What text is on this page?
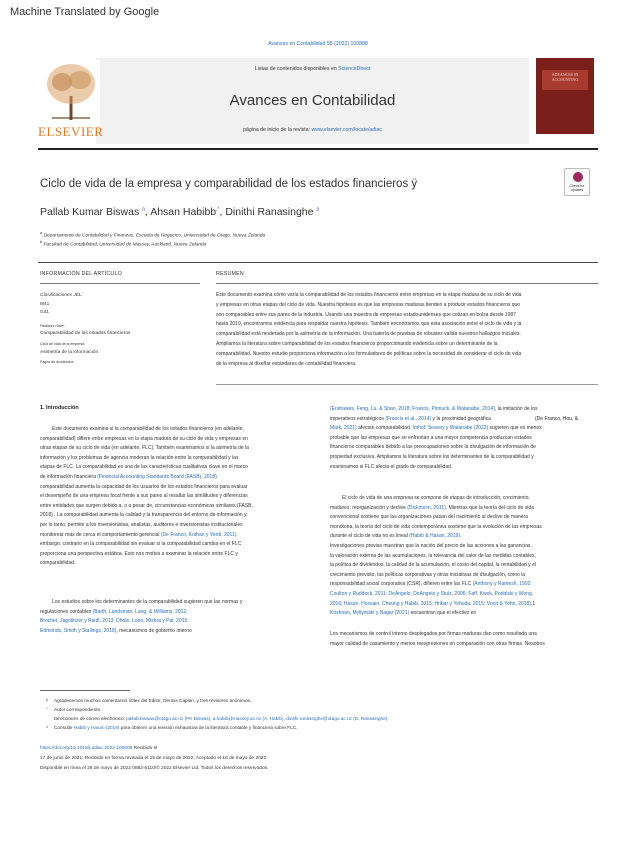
Machine Translated by Google
Avances en Contabilidad 58 (2022) 100888
Listas de contenidos disponibles en ScienceDirect
Avances en Contabilidad
página de inicio de la revista: www.elsevier.com/locate/adiac
ELSEVIER
ADVANCES IN ACCOUNTING
Check for updates
Ciclo de vida de la empresa y comparabilidad de los estados financieros ÿ
Pallab Kumar Biswas $^a$, Ahsan Habibb,*, Dinithi Ranasinghe $^a$
$^a$ Departamento de Contabilidad y Finanzas, Escuela de Negocios, Universidad de Otago, Nueva Zelanda
$^b$ Facultad de Contabilidad, Universidad de Massey, Auckland, Nueva Zelanda
INFORMACIÓN DEL ARTÍCULO	RESUMEN
Clasificaciones JEL:
M41
G41
Palabras clave:
Comparabilidad de los estados financieros
Ciclo de vida de la empresa
Asimetría de la información
Pagos de dividendos
Este documento examina cómo varía la comparabilidad de los estados financieros entre empresas en la etapa madura de su ciclo de vida
y empresas en otras etapas del ciclo de vida. Nuestra hipótesis es que las empresas maduras tienden a producir estados financieros que
son comparables entre sus pares de la industria. Usando una muestra de empresas estadounidenses que cotizan en bolsa desde 1987
hasta 2019, encontramos evidencia para respaldar nuestra hipótesis. También encontramos que esta asociación entre el ciclo de vida y la
comparabilidad está moderada por la asimetría de la información. Una batería de pruebas de robustez valida nuestros hallazgos iniciales.
Ampliamos la literatura sobre comparabilidad de los estados financieros proporcionando evidencia sobre un determinante de la
comparabilidad. Nuestro estudio proporciona información a los formuladores de políticas sobre la necesidad de considerar el ciclo de vida
de la empresa al diseñar estándares de contabilidad financiera.
1. Introducción
Este documento examina si la comparabilidad de los estados financieros (en adelante,
comparabilidad) difiere entre empresas en la etapa madura de su ciclo de vida y empresas en
otras etapas de su ciclo de vida (en adelante, FLC). También examinamos si la asimetría de la
información y los problemas de agencia moderan la relación entre la comparabilidad y las
etapas de FLC. La comparabilidad es una de las características cualitativas clave en el marco
de información financiera (Financial Accounting Standards Board (FASB), 2018).
comparabilidad aumenta la capacidad de los usuarios de los estados financieros para evaluar
el desempeño de una empresa focal frente a sus pares al resaltar las similitudes y diferencias
entre entidades que surgen debido a, o a pesar de, circunstancias económicas similares (FASB,
2018) . La comparabilidad aumenta la calidad y la transparencia del entorno de información y,
por lo tanto, permite a los inversionistas, analistas, auditores e inversionistas institucionales
monitorear más de cerca el comportamiento gerencial (De Franco, Kothari y Verdi, 2011).
embargo, contrario en la comparabilidad sin evaluar si la comparabilidad cambia en el FLC
proporciona una perspectiva estática. Esto nos motiva a examinar la relación entre FLC y
comparabilidad.
Los estudios sobre los determinantes de la comparabilidad sugieren que las normas y
regulaciones contables (Barth, Landsman, Lang, & Williams, 2012;
Brochet, Jagolinzer y Riedl, 2013; Dhole, Lobo, Mishra y Pal, 2015;
Edmonds, Smith y Stallings, 2018), mecanismos de gobierno interno
(Endrawes, Feng, Lu, & Shan, 2018; Francis, Pinnuck, & Watanabe, 2014), la imitación de los
imperativos estratégicos (Francis et al., 2014) y la proximidad geográfica
Mark, 2021) afectan comparabilidad. Imhof, Seavey y Watanabe (2022) sugieren que es menos
probable que las empresas que se enfrentan a una mayor competencia produzcan estados
financieros comparables debido a las preocupaciones sobre la divulgación de información de
propiedad exclusiva. Ampliamos la literatura sobre los determinantes de la comparabilidad y
examinamos si FLC afecta el grado de comparabilidad.
(De Franco, Hou, &
El ciclo de vida de una empresa se compone de etapas de introducción, crecimiento,
madurez, reorganización y declive (Dickinson, 2011). Mientras que la teoría del ciclo de vida
convencional sostiene que las organizaciones pasan del nacimiento al declive de manera
monótona, la teoría del ciclo de vida contemporánea sostiene que la evolución de las empresas
durante el ciclo de vida no es lineal (Habib & Hasan, 2019).
Investigaciones previas muestran que la nación del precio de las acciones a las ganancias,
la valoración externa de las acumulaciones, la relevancia del valor de las medidas contables,
la política de dividendos, la calidad de la acumulación, el costo del capital, la rentabilidad y el
crecimiento previsto, las políticas corporativas y otras iniciativas de divulgación, como la
responsabilidad social corporativa (CSR), difieren entre las FLC (Anthony y Ramesh, 1992;
Coulton y Ruddock, 2011; DeAngelo, DeAngelo y Stulz, 2006; Faff, Kwok, Podolski y Wong,
2016; Hasan, Hossain, Cheung y Habib, 2015; Hribar y Yehuda, 2015; Vorst & Yohn, 2018).1
Krishnan, Myllymäki y Nagar (2021) encuentran que el efectivo en
Los mecanismos de control interno desplegados por firmas maduras dan como resultado una
mayor calidad de casamiento y menos reexpresiones en comparación con otras firmas. Nosotros
ÿ Agradecemos muchos comentarios útiles del Editor, Dennis Caplan, y tres revisores anónimos.
* Autor correspondiente.
Direcciones de correo electrónico: pallab.biswas@otago.ac.nz (PK Biswas), a.habib@massey.ac.nz (A. Habib), dinithi.ranasinghe@otago.ac.nz (D. Ranasinghe).
1 Consulte Habib y Hasan (2019) para obtener una revisión exhaustiva de la literatura contable y financiera sobre FLC.
https://doi.org/10.1016/j.adiac.2022.100608 Recibido el
17 de junio de 2021; Recibido en forma revisada el 15 de mayo de 2022; Aceptado el 16 de mayo de 2022
Disponible en línea el 29 de mayo de 2022 0882-6110/© 2022 Elsevier Ltd. Todos los derechos reservados.
